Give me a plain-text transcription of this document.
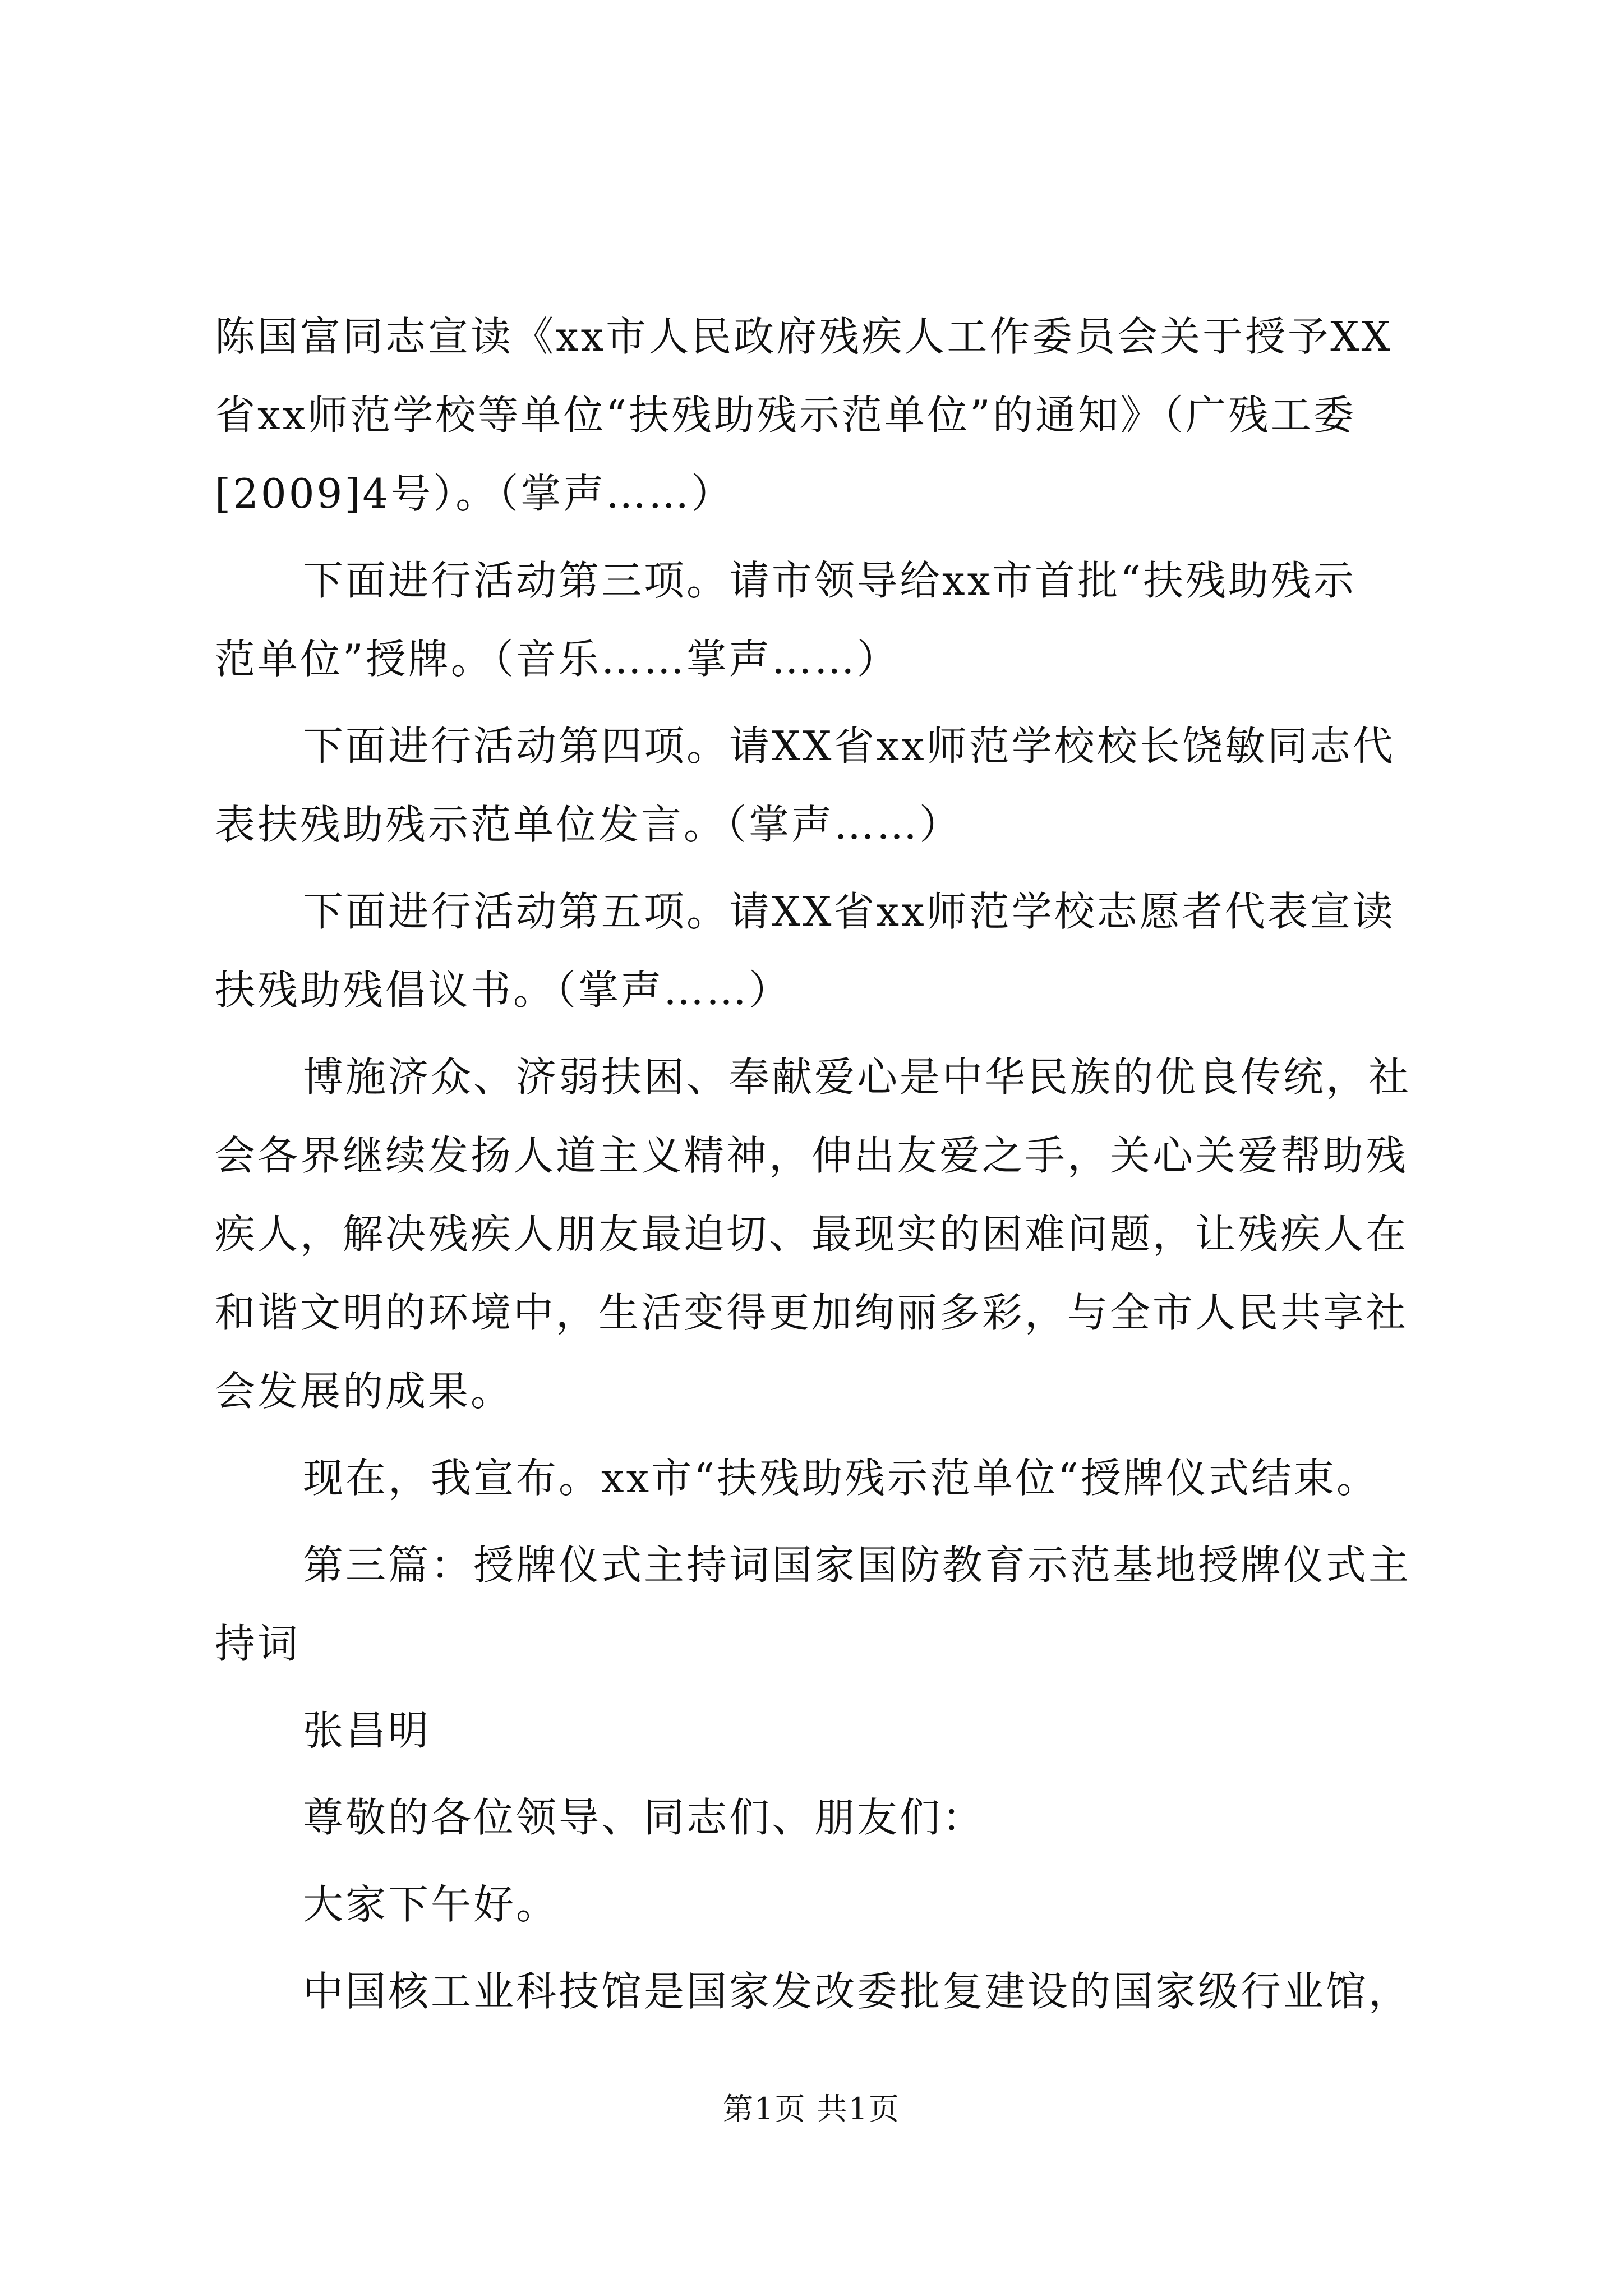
陈国富同志宣读《xx市人民政府残疾人工作委员会关于授予XX
省xx师范学校等单位“扶残助残示范单位”的通知》（广残工委
[2009]4号）。（掌声……）
下面进行活动第三项。请市领导给xx市首批“扶残助残示
范单位”授牌。（音乐……掌声……）
下面进行活动第四项。请XX省xx师范学校校长饶敏同志代
表扶残助残示范单位发言。（掌声……）
下面进行活动第五项。请XX省xx师范学校志愿者代表宣读
扶残助残倡议书。（掌声……）
博施济众、济弱扶困、奉献爱心是中华民族的优良传统，社
会各界继续发扬人道主义精神，伸出友爱之手，关心关爱帮助残
疾人，解决残疾人朋友最迫切、最现实的困难问题，让残疾人在
和谐文明的环境中，生活变得更加绚丽多彩，与全市人民共享社
会发展的成果。
现在，我宣布。xx市“扶残助残示范单位“授牌仪式结束。
第三篇：授牌仪式主持词国家国防教育示范基地授牌仪式主
持词
张昌明
尊敬的各位领导、同志们、朋友们：
大家下午好。
中国核工业科技馆是国家发改委批复建设的国家级行业馆，
第1页 共1页
